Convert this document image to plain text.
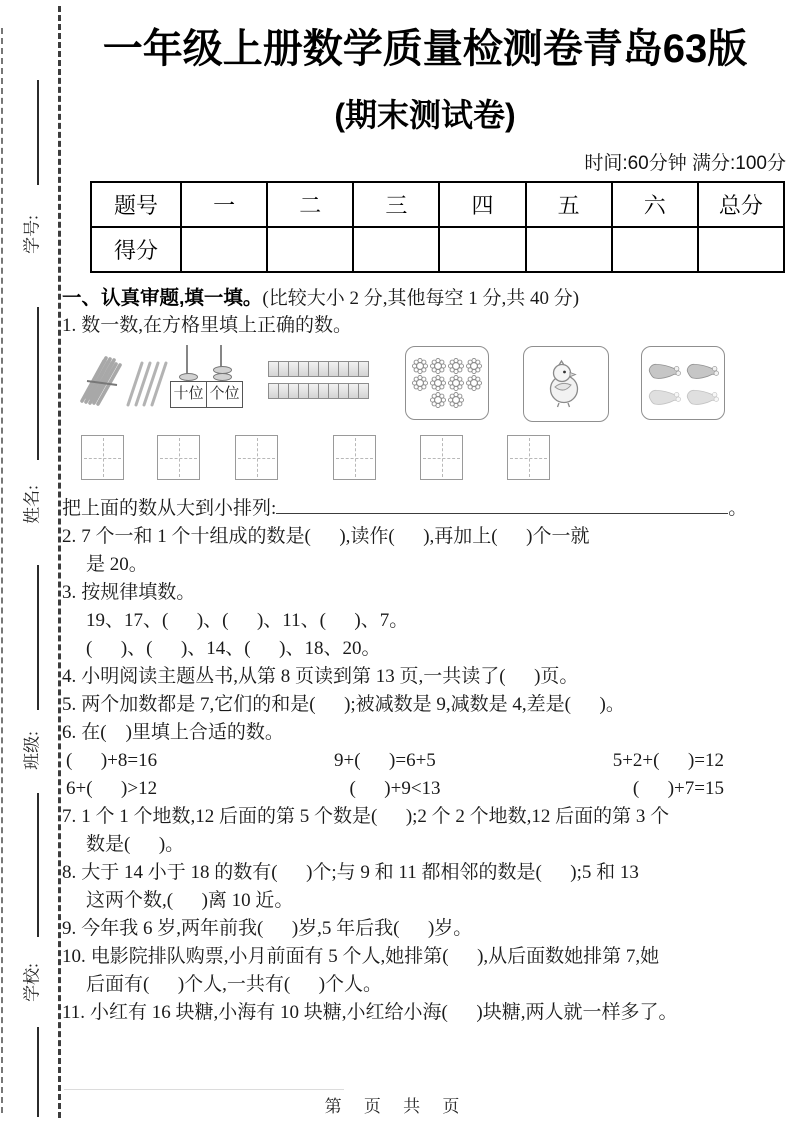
学号:
姓名:
班级:
学校:
一年级上册数学质量检测卷青岛63版
(期末测试卷)
时间:60分钟 满分:100分
题号	一	二	三	四	五	六	总分
得分							

一、认真审题,填一填。(比较大小 2 分,其他每空 1 分,共 40 分)

1. 数一数,在方格里填上正确的数。

十位 个位

把上面的数从大到小排列:	。

2. 7 个一和 1 个十组成的数是(      ),读作(      ),再加上(      )个一就

是 20。

3. 按规律填数。

19、17、(      )、(      )、11、(      )、7。

(      )、(      )、14、(      )、18、20。

4. 小明阅读主题丛书,从第 8 页读到第 13 页,一共读了(      )页。

5. 两个加数都是 7,它们的和是(      );被减数是 9,减数是 4,差是(      )。

6. 在(    )里填上合适的数。

(      )+8=16	9+(      )=6+5	5+2+(      )=12
6+(      )>12	(      )+9<13	(      )+7=15

7. 1 个 1 个地数,12 后面的第 5 个数是(      );2 个 2 个地数,12 后面的第 3 个

数是(      )。

8. 大于 14 小于 18 的数有(      )个;与 9 和 11 都相邻的数是(      );5 和 13

这两个数,(      )离 10 近。

9. 今年我 6 岁,两年前我(      )岁,5 年后我(      )岁。

10. 电影院排队购票,小月前面有 5 个人,她排第(      ),从后面数她排第 7,她

后面有(      )个人,一共有(      )个人。

11. 小红有 16 块糖,小海有 10 块糖,小红给小海(      )块糖,两人就一样多了。

第 页 共 页
